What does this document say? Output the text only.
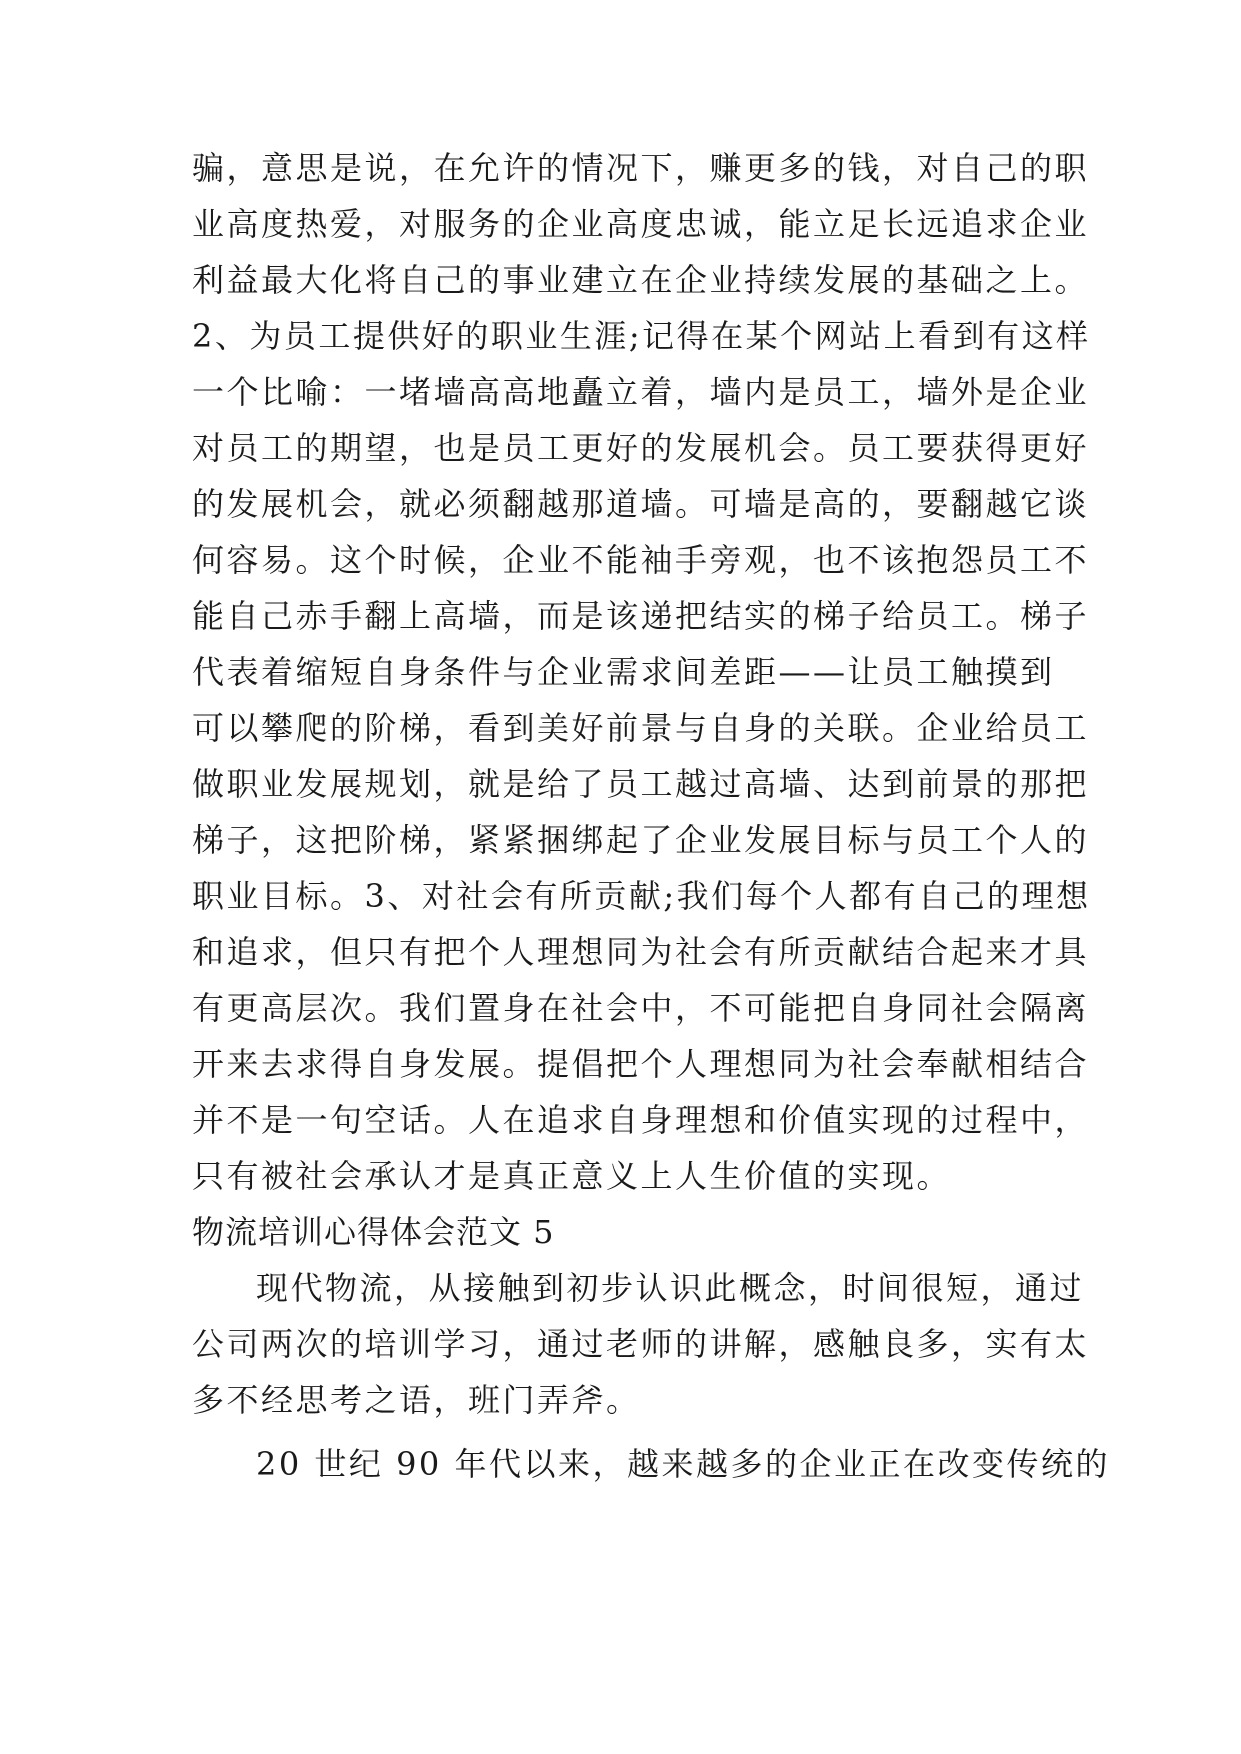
骗，意思是说，在允许的情况下，赚更多的钱，对自己的职
业高度热爱，对服务的企业高度忠诚，能立足长远追求企业
利益最大化将自己的事业建立在企业持续发展的基础之上。
2、为员工提供好的职业生涯;记得在某个网站上看到有这样
一个比喻：一堵墙高高地矗立着，墙内是员工，墙外是企业
对员工的期望，也是员工更好的发展机会。员工要获得更好
的发展机会，就必须翻越那道墙。可墙是高的，要翻越它谈
何容易。这个时候，企业不能袖手旁观，也不该抱怨员工不
能自己赤手翻上高墙，而是该递把结实的梯子给员工。梯子
代表着缩短自身条件与企业需求间差距——让员工触摸到
可以攀爬的阶梯，看到美好前景与自身的关联。企业给员工
做职业发展规划，就是给了员工越过高墙、达到前景的那把
梯子，这把阶梯，紧紧捆绑起了企业发展目标与员工个人的
职业目标。3、对社会有所贡献;我们每个人都有自己的理想
和追求，但只有把个人理想同为社会有所贡献结合起来才具
有更高层次。我们置身在社会中，不可能把自身同社会隔离
开来去求得自身发展。提倡把个人理想同为社会奉献相结合
并不是一句空话。人在追求自身理想和价值实现的过程中，
只有被社会承认才是真正意义上人生价值的实现。
物流培训心得体会范文 5
现代物流，从接触到初步认识此概念，时间很短，通过
公司两次的培训学习，通过老师的讲解，感触良多，实有太
多不经思考之语，班门弄斧。
20 世纪 90 年代以来，越来越多的企业正在改变传统的
